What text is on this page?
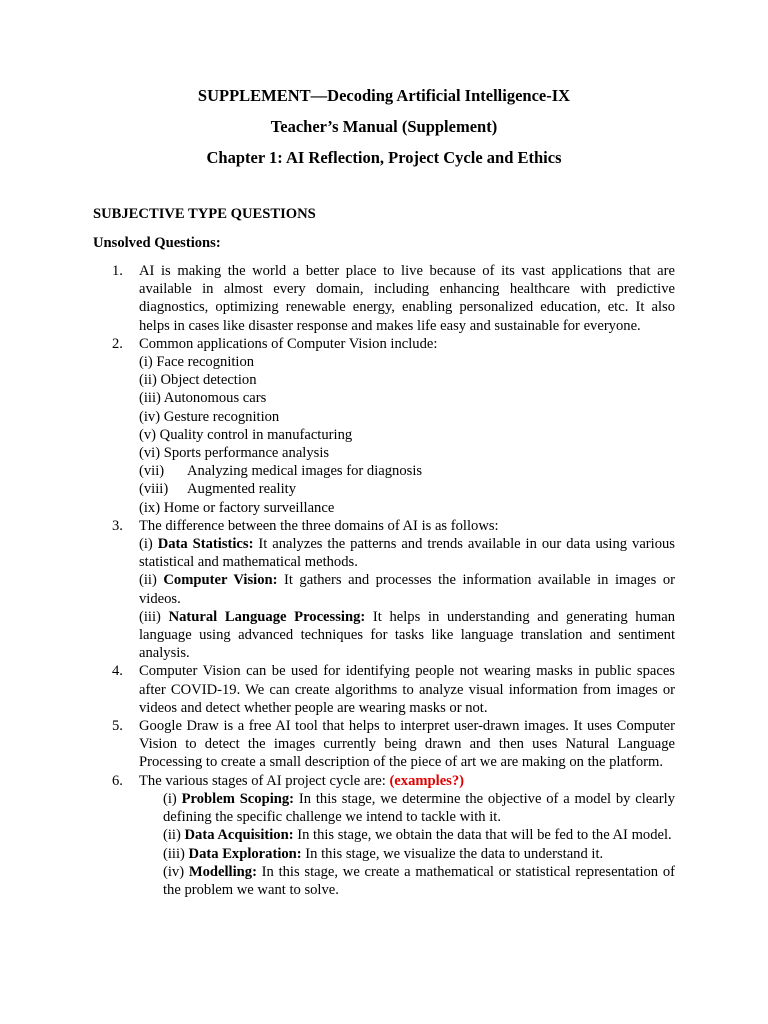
SUPPLEMENT—Decoding Artificial Intelligence-IX
Teacher’s Manual (Supplement)
Chapter 1: AI Reflection, Project Cycle and Ethics
SUBJECTIVE TYPE QUESTIONS
Unsolved Questions:
1. AI is making the world a better place to live because of its vast applications that are available in almost every domain, including enhancing healthcare with predictive diagnostics, optimizing renewable energy, enabling personalized education, etc. It also helps in cases like disaster response and makes life easy and sustainable for everyone.
2. Common applications of Computer Vision include:
(i) Face recognition
(ii) Object detection
(iii) Autonomous cars
(iv) Gesture recognition
(v) Quality control in manufacturing
(vi) Sports performance analysis
(vii) Analyzing medical images for diagnosis
(viii) Augmented reality
(ix) Home or factory surveillance
3. The difference between the three domains of AI is as follows:
(i) Data Statistics: It analyzes the patterns and trends available in our data using various statistical and mathematical methods.
(ii) Computer Vision: It gathers and processes the information available in images or videos.
(iii) Natural Language Processing: It helps in understanding and generating human language using advanced techniques for tasks like language translation and sentiment analysis.
4. Computer Vision can be used for identifying people not wearing masks in public spaces after COVID-19. We can create algorithms to analyze visual information from images or videos and detect whether people are wearing masks or not.
5. Google Draw is a free AI tool that helps to interpret user-drawn images. It uses Computer Vision to detect the images currently being drawn and then uses Natural Language Processing to create a small description of the piece of art we are making on the platform.
6. The various stages of AI project cycle are: (examples?)
(i) Problem Scoping: In this stage, we determine the objective of a model by clearly defining the specific challenge we intend to tackle with it.
(ii) Data Acquisition: In this stage, we obtain the data that will be fed to the AI model.
(iii) Data Exploration: In this stage, we visualize the data to understand it.
(iv) Modelling: In this stage, we create a mathematical or statistical representation of the problem we want to solve.
